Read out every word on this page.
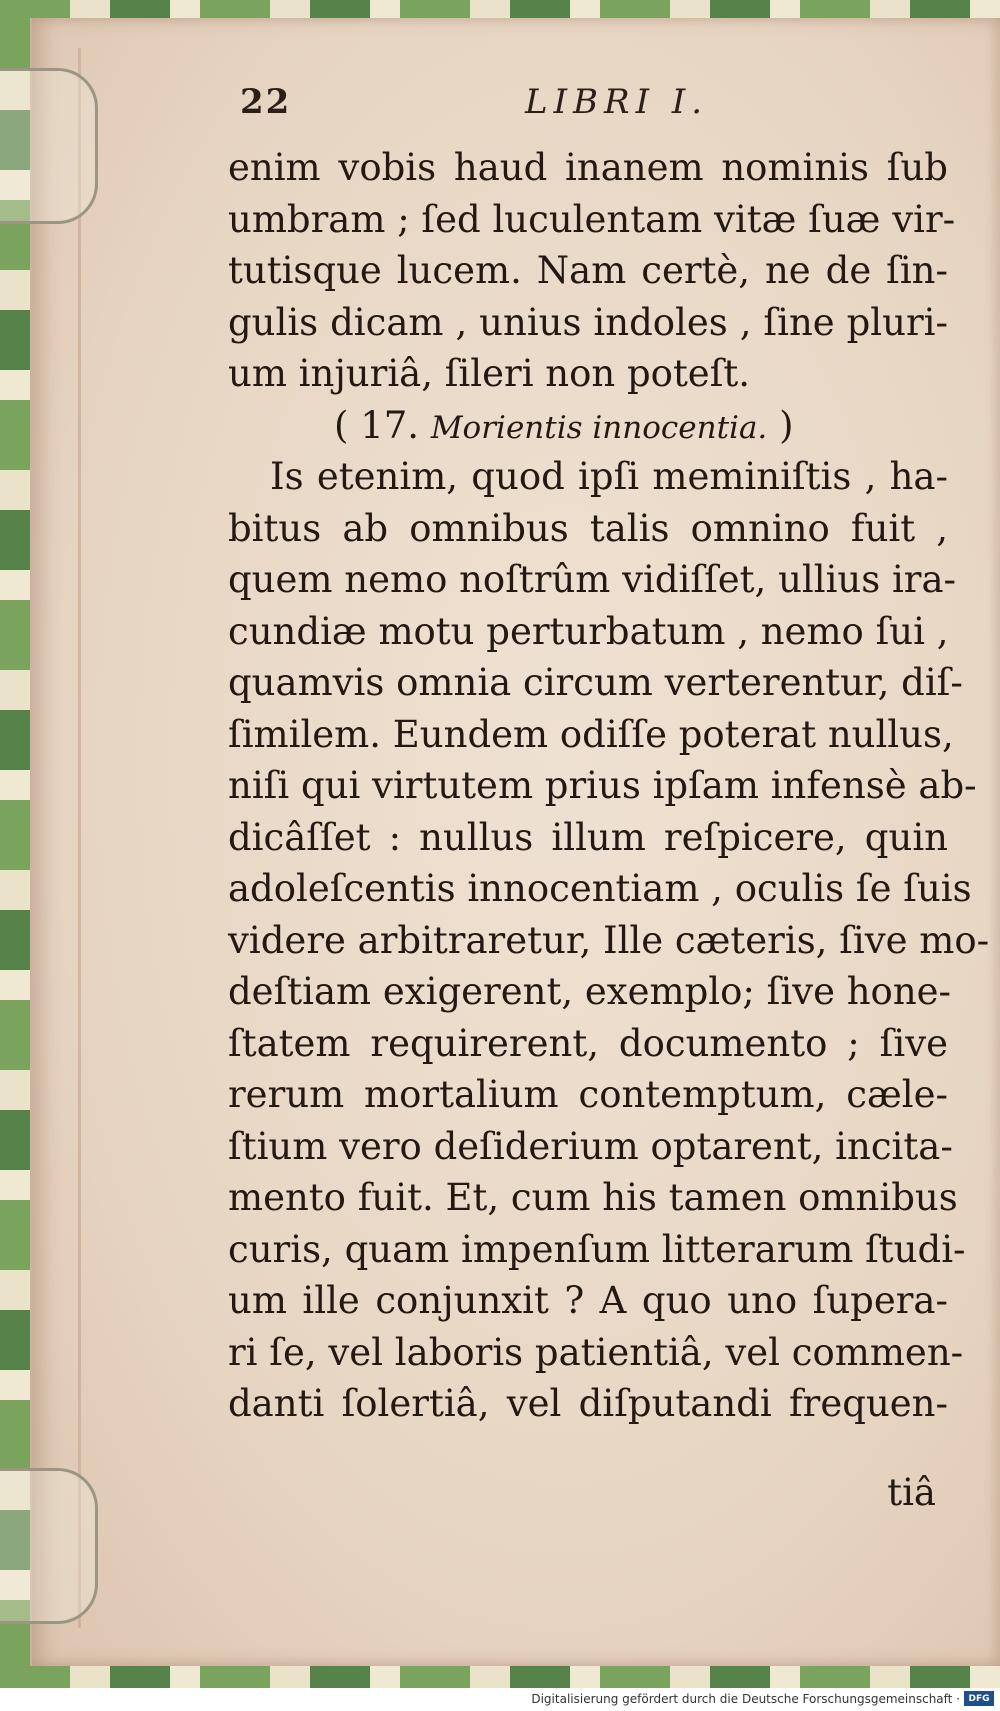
22	LIBRI I.
enim vobis haud inanem nominis ſub
umbram ; ſed luculentam vitæ ſuæ vir-
tutisque lucem. Nam certè, ne de ſin-
gulis dicam , unius indoles , ſine pluri-
um injuriâ, ſileri non poteſt.
( 17. Morientis innocentia. )
Is etenim, quod ipſi meminiſtis , ha-
bitus ab omnibus talis omnino fuit ,
quem nemo noſtrûm vidiſſet, ullius ira-
cundiæ motu perturbatum , nemo ſui ,
quamvis omnia circum verterentur, diſ-
ſimilem. Eundem odiſſe poterat nullus,
niſi qui virtutem prius ipſam infensè ab-
dicâſſet : nullus illum reſpicere, quin
adoleſcentis innocentiam , oculis ſe ſuis
videre arbitraretur, Ille cæteris, ſive mo-
deſtiam exigerent, exemplo; ſive hone-
ſtatem requirerent, documento ; ſive
rerum mortalium contemptum, cæle-
ſtium vero deſiderium optarent, incita-
mento fuit. Et, cum his tamen omnibus
curis, quam impenſum litterarum ſtudi-
um ille conjunxit ? A quo uno ſupera-
ri ſe, vel laboris patientiâ, vel commen-
danti ſolertiâ, vel diſputandi frequen-
tiâ
Digitalisierung gefördert durch die Deutsche Forschungsgemeinschaft · DFG
